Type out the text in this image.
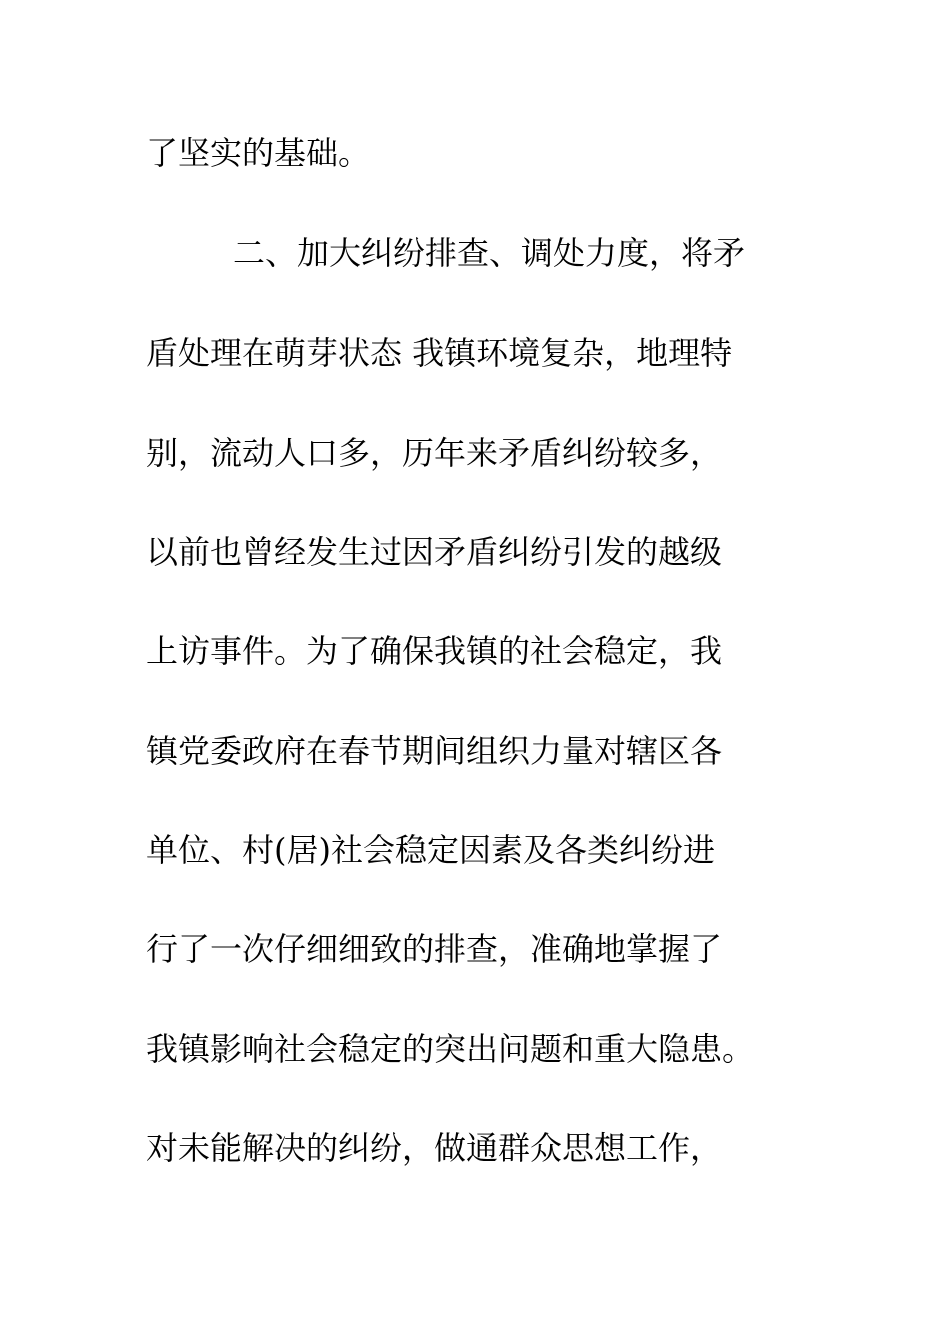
了坚实的基础。
二、加大纠纷排查、调处力度，将矛
盾处理在萌芽状态 我镇环境复杂，地理特
别，流动人口多，历年来矛盾纠纷较多，
以前也曾经发生过因矛盾纠纷引发的越级
上访事件。为了确保我镇的社会稳定，我
镇党委政府在春节期间组织力量对辖区各
单位、村(居)社会稳定因素及各类纠纷进
行了一次仔细细致的排查，准确地掌握了
我镇影响社会稳定的突出问题和重大隐患。
对未能解决的纠纷，做通群众思想工作，
